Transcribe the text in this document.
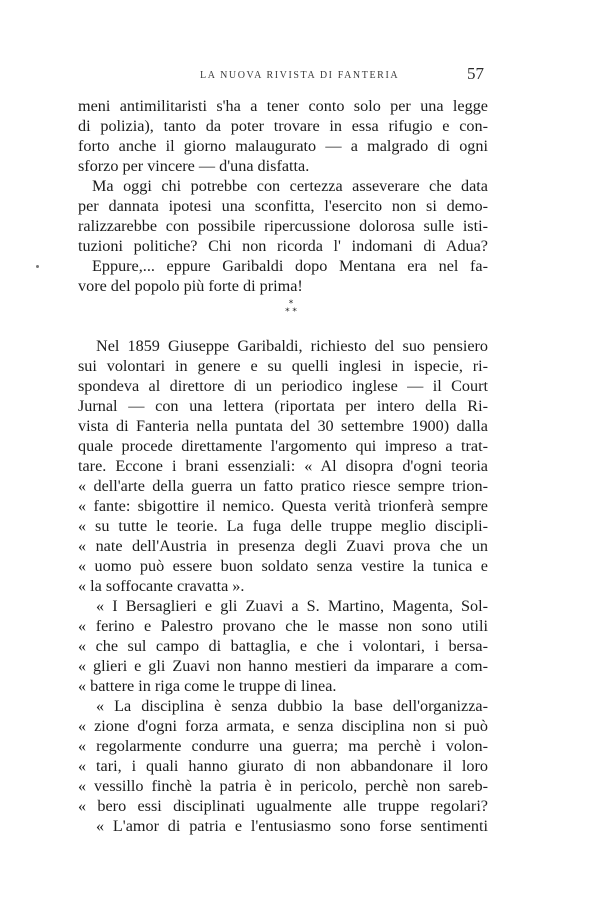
LA NUOVA RIVISTA DI FANTERIA	57
meni antimilitaristi s'ha a tener conto solo per una legge
di polizia), tanto da poter trovare in essa rifugio e con-
forto anche il giorno malaugurato — a malgrado di ogni
sforzo per vincere — d'una disfatta.
Ma oggi chi potrebbe con certezza asseverare che data
per dannata ipotesi una sconfitta, l'esercito non si demo-
ralizzarebbe con possibile ripercussione dolorosa sulle isti-
tuzioni politiche? Chi non ricorda l' indomani di Adua?
Eppure,... eppure Garibaldi dopo Mentana era nel fa-
vore del popolo più forte di prima!
*
* *
Nel 1859 Giuseppe Garibaldi, richiesto del suo pensiero
sui volontari in genere e su quelli inglesi in ispecie, ri-
spondeva al direttore di un periodico inglese — il Court
Jurnal — con una lettera (riportata per intero della Ri-
vista di Fanteria nella puntata del 30 settembre 1900) dalla
quale procede direttamente l'argomento qui impreso a trat-
tare. Eccone i brani essenziali: « Al disopra d'ogni teoria
« dell'arte della guerra un fatto pratico riesce sempre trion-
« fante: sbigottire il nemico. Questa verità trionferà sempre
« su tutte le teorie. La fuga delle truppe meglio discipli-
« nate dell'Austria in presenza degli Zuavi prova che un
« uomo può essere buon soldato senza vestire la tunica e
« la soffocante cravatta ».
« I Bersaglieri e gli Zuavi a S. Martino, Magenta, Sol-
« ferino e Palestro provano che le masse non sono utili
« che sul campo di battaglia, e che i volontari, i bersa-
« glieri e gli Zuavi non hanno mestieri da imparare a com-
« battere in riga come le truppe di linea.
« La disciplina è senza dubbio la base dell'organizza-
« zione d'ogni forza armata, e senza disciplina non si può
« regolarmente condurre una guerra; ma perchè i volon-
« tari, i quali hanno giurato di non abbandonare il loro
« vessillo finchè la patria è in pericolo, perchè non sareb-
« bero essi disciplinati ugualmente alle truppe regolari?
« L'amor di patria e l'entusiasmo sono forse sentimenti
